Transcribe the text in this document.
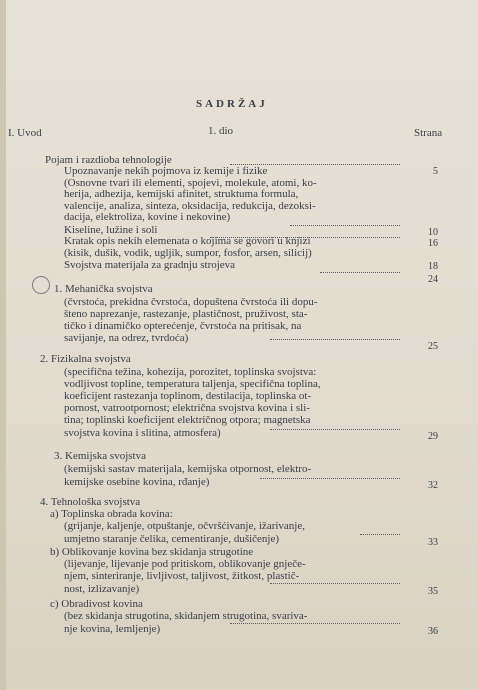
SADRŽAJ
I. Uvod	1. dio	Strana
Pojam i razdioba tehnologije
Upoznavanje nekih pojmova iz kemije i fizike
(Osnovne tvari ili elementi, spojevi, molekule, atomi, ko-
herija, adhezija, kemijski afinitet, struktuma formula,
valencije, analiza, sinteza, oksidacija, redukcija, dezoksi-
dacija, elektroliza, kovine i nekovine)
Kiseline, lužine i soli
Kratak opis nekih elemenata o kojima se govori u knjizi
(kisik, dušik, vodik, ugljik, sumpor, fosfor, arsen, silicij)
Svojstva materijala za gradnju strojeva
1. Mehanička svojstva
(čvrstoća, prekidna čvrstoća, dopuštena čvrstoća ili dopu-
šteno naprezanje, rastezanje, plastičnost, pruživost, sta-
tičko i dinamičko opterećenje, čvrstoća na pritisak, na
savijanje, na odrez, tvrdoća)
2. Fizikalna svojstva
(specifična težina, kohezija, porozitet, toplinska svojstva:
vodljivost topline, temperatura taljenja, specifična toplina,
koeficijent rastezanja toplinom, destilacija, toplinska ot-
pornost, vatrootpornost; električna svojstva kovina i sli-
tina; toplinski koeficijent električnog otpora; magnetska
svojstva kovina i slitina, atmosfera)
3. Kemijska svojstva
(kemijski sastav materijala, kemijska otpornost, elektro-
kemijske osebine kovina, rđanje)
4. Tehnološka svojstva
a) Toplinska obrada kovina:
(grijanje, kaljenje, otpuštanje, očvršćivanje, ižarivanje,
umjetno staranje čelika, cementiranje, dušičenje)
b) Oblikovanje kovina bez skidanja strugotine
(lijevanje, lijevanje pod pritiskom, oblikovanje gnječe-
njem, sinteriranje, livljivost, taljivost, žitkost, plastič-
nost, izlizavanje)
c) Obradivost kovina
(bez skidanja strugotina, skidanjem strugotina, svariva-
nje kovina, lemljenje)
5
10
16
18
24
25
29
32
33
35
36
